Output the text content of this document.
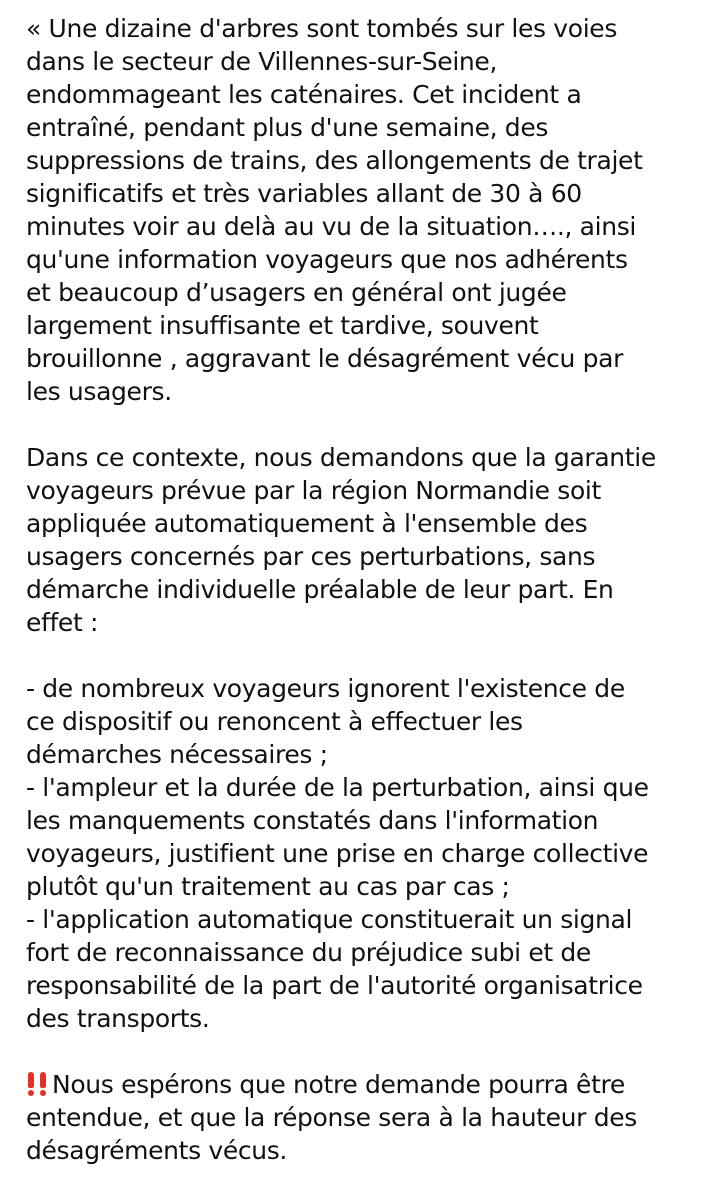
« Une dizaine d'arbres sont tombés sur les voies
dans le secteur de Villennes-sur-Seine,
endommageant les caténaires. Cet incident a
entraîné, pendant plus d'une semaine, des
suppressions de trains, des allongements de trajet
significatifs et très variables allant de 30 à 60
minutes voir au delà au vu de la situation…., ainsi
qu'une information voyageurs que nos adhérents
et beaucoup d’usagers en général ont jugée
largement insuffisante et tardive, souvent
brouillonne , aggravant le désagrément vécu par
les usagers.
Dans ce contexte, nous demandons que la garantie
voyageurs prévue par la région Normandie soit
appliquée automatiquement à l'ensemble des
usagers concernés par ces perturbations, sans
démarche individuelle préalable de leur part. En
effet :
- de nombreux voyageurs ignorent l'existence de
ce dispositif ou renoncent à effectuer les
démarches nécessaires ;
- l'ampleur et la durée de la perturbation, ainsi que
les manquements constatés dans l'information
voyageurs, justifient une prise en charge collective
plutôt qu'un traitement au cas par cas ;
- l'application automatique constituerait un signal
fort de reconnaissance du préjudice subi et de
responsabilité de la part de l'autorité organisatrice
des transports.
Nous espérons que notre demande pourra être
entendue, et que la réponse sera à la hauteur des
désagréments vécus.
